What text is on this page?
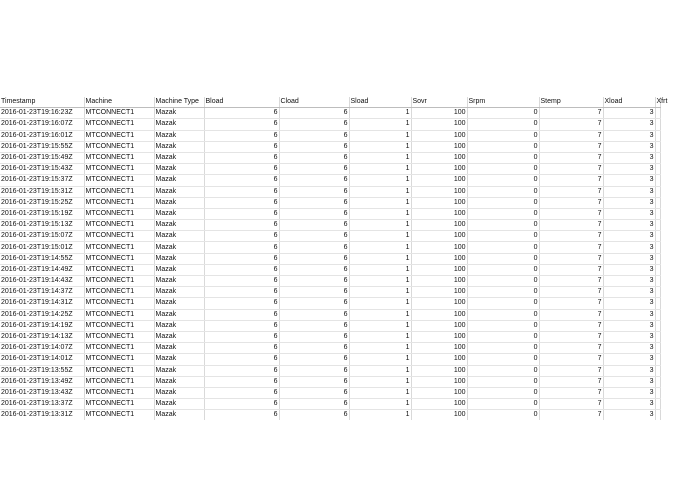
Timestamp	Machine	Machine Type	Bload	Cload	Sload	Sovr	Srpm	Stemp	Xload	Xfrt
2016-01-23T19:16:23Z	MTCONNECT1	Mazak	6	6	1	100	0	7	3	
2016-01-23T19:16:07Z	MTCONNECT1	Mazak	6	6	1	100	0	7	3	
2016-01-23T19:16:01Z	MTCONNECT1	Mazak	6	6	1	100	0	7	3	
2016-01-23T19:15:55Z	MTCONNECT1	Mazak	6	6	1	100	0	7	3	
2016-01-23T19:15:49Z	MTCONNECT1	Mazak	6	6	1	100	0	7	3	
2016-01-23T19:15:43Z	MTCONNECT1	Mazak	6	6	1	100	0	7	3	
2016-01-23T19:15:37Z	MTCONNECT1	Mazak	6	6	1	100	0	7	3	
2016-01-23T19:15:31Z	MTCONNECT1	Mazak	6	6	1	100	0	7	3	
2016-01-23T19:15:25Z	MTCONNECT1	Mazak	6	6	1	100	0	7	3	
2016-01-23T19:15:19Z	MTCONNECT1	Mazak	6	6	1	100	0	7	3	
2016-01-23T19:15:13Z	MTCONNECT1	Mazak	6	6	1	100	0	7	3	
2016-01-23T19:15:07Z	MTCONNECT1	Mazak	6	6	1	100	0	7	3	
2016-01-23T19:15:01Z	MTCONNECT1	Mazak	6	6	1	100	0	7	3	
2016-01-23T19:14:55Z	MTCONNECT1	Mazak	6	6	1	100	0	7	3	
2016-01-23T19:14:49Z	MTCONNECT1	Mazak	6	6	1	100	0	7	3	
2016-01-23T19:14:43Z	MTCONNECT1	Mazak	6	6	1	100	0	7	3	
2016-01-23T19:14:37Z	MTCONNECT1	Mazak	6	6	1	100	0	7	3	
2016-01-23T19:14:31Z	MTCONNECT1	Mazak	6	6	1	100	0	7	3	
2016-01-23T19:14:25Z	MTCONNECT1	Mazak	6	6	1	100	0	7	3	
2016-01-23T19:14:19Z	MTCONNECT1	Mazak	6	6	1	100	0	7	3	
2016-01-23T19:14:13Z	MTCONNECT1	Mazak	6	6	1	100	0	7	3	
2016-01-23T19:14:07Z	MTCONNECT1	Mazak	6	6	1	100	0	7	3	
2016-01-23T19:14:01Z	MTCONNECT1	Mazak	6	6	1	100	0	7	3	
2016-01-23T19:13:55Z	MTCONNECT1	Mazak	6	6	1	100	0	7	3	
2016-01-23T19:13:49Z	MTCONNECT1	Mazak	6	6	1	100	0	7	3	
2016-01-23T19:13:43Z	MTCONNECT1	Mazak	6	6	1	100	0	7	3	
2016-01-23T19:13:37Z	MTCONNECT1	Mazak	6	6	1	100	0	7	3	
2016-01-23T19:13:31Z	MTCONNECT1	Mazak	6	6	1	100	0	7	3	
